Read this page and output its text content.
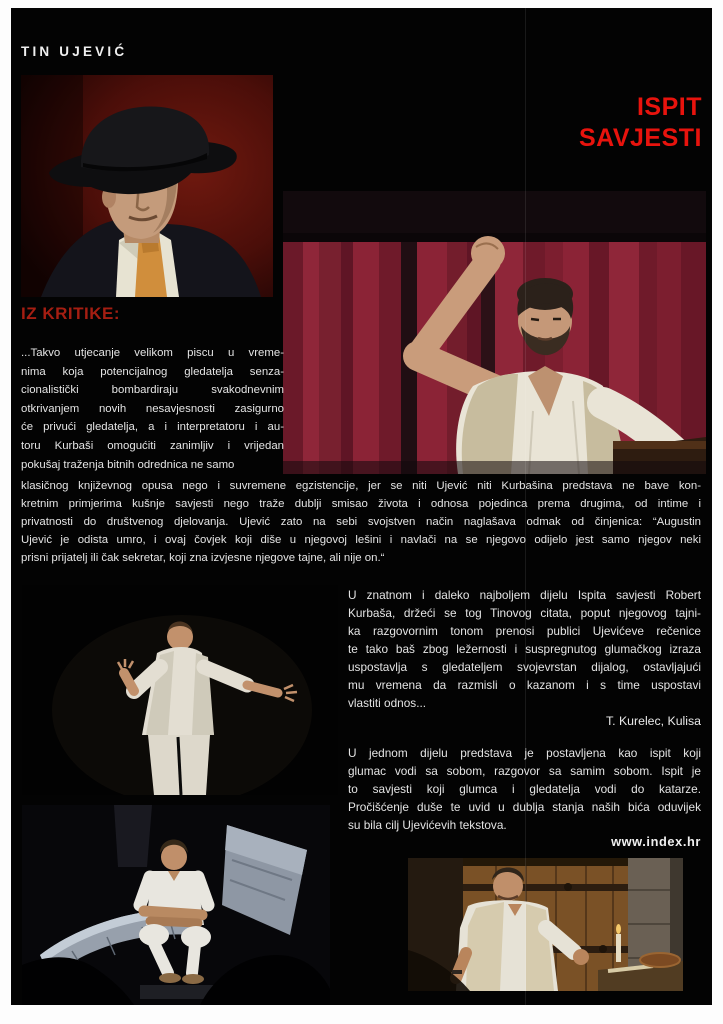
TIN UJEVIĆ
ISPIT
SAVJESTI
IZ KRITIKE:
...Takvo utjecanje velikom piscu u vreme-
nima koja potencijalnog gledatelja senza-
cionalistički bombardiraju svakodnevnim
otkrivanjem novih nesavjesnosti zasigurno
će privući gledatelja, a i interpretatoru i au-
toru Kurbaši omogućiti zanimljiv i vrijedan
pokušaj traženja bitnih odrednica ne samo
klasičnog književnog opusa nego i suvremene egzistencije, jer se niti Ujević niti Kurbašina predstava ne bave kon-
kretnim primjerima kušnje savjesti nego traže dublji smisao života i odnosa pojedinca prema drugima, od intime i
privatnosti do društvenog djelovanja. Ujević zato na sebi svojstven način naglašava odmak od činjenica: “Augustin
Ujević je odista umro, i ovaj čovjek koji diše u njegovoj lešini i navlači na se njegovo odijelo jest samo njegov neki
prisni prijatelj ili čak sekretar, koji zna izvjesne njegove tajne, ali nije on.“
U znatnom i daleko najboljem dijelu Ispita savjesti Robert
Kurbaša, držeći se tog Tinovog citata, poput njegovog tajni-
ka razgovornim tonom prenosi publici Ujevićeve rečenice
te tako baš zbog ležernosti i suspregnutog glumačkog izraza
uspostavlja s gledateljem svojevrstan dijalog, ostavljajući
mu vremena da razmisli o kazanom i s time uspostavi
vlastiti odnos...
T. Kurelec, Kulisa
U jednom dijelu predstava je postavljena kao ispit koji
glumac vodi sa sobom, razgovor sa samim sobom. Ispit je
to savjesti koji glumca i gledatelja vodi do katarze.
Pročišćenje duše te uvid u dublja stanja naših bića oduvijek
su bila cilj Ujevićevih tekstova.
www.index.hr
